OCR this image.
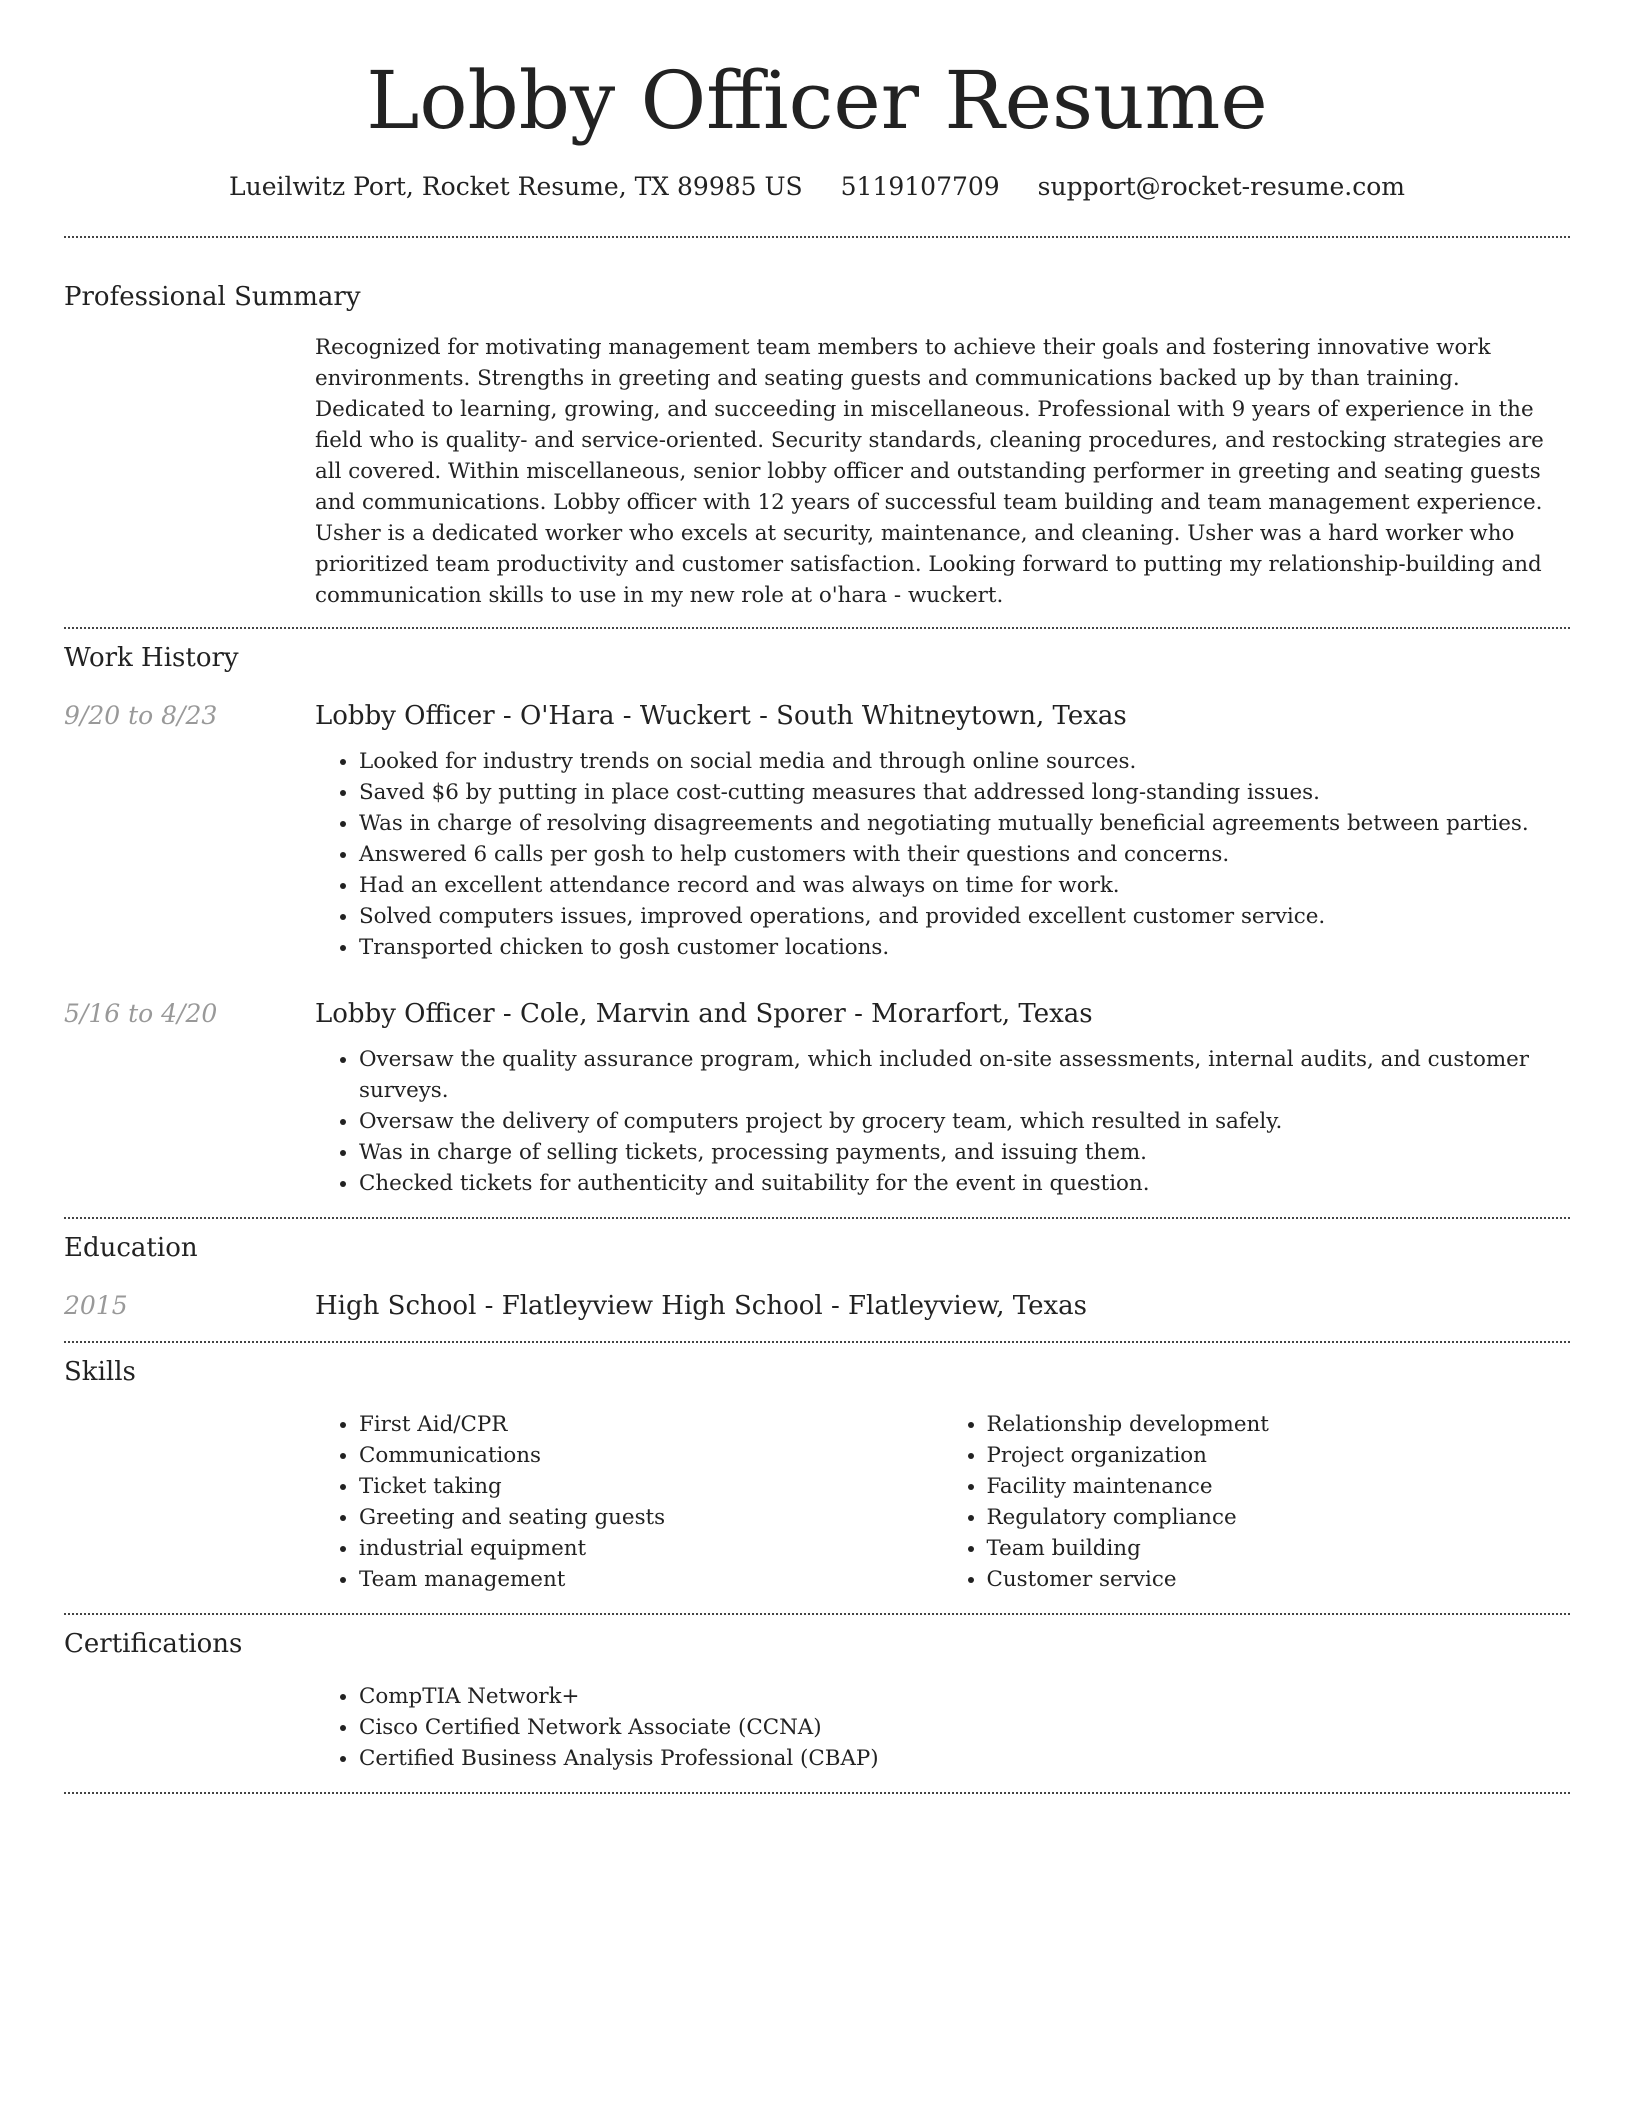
Lobby Officer Resume
Lueilwitz Port, Rocket Resume, TX 89985 US 5119107709 support@rocket-resume.com
Professional Summary

Recognized for motivating management team members to achieve their goals and fostering innovative work environments. Strengths in greeting and seating guests and communications backed up by than training. Dedicated to learning, growing, and succeeding in miscellaneous. Professional with 9 years of experience in the field who is quality- and service-oriented. Security standards, cleaning procedures, and restocking strategies are all covered. Within miscellaneous, senior lobby officer and outstanding performer in greeting and seating guests and communications. Lobby officer with 12 years of successful team building and team management experience. Usher is a dedicated worker who excels at security, maintenance, and cleaning. Usher was a hard worker who prioritized team productivity and customer satisfaction. Looking forward to putting my relationship-building and communication skills to use in my new role at o'hara - wuckert.

Work History
9/20 to 8/23	Lobby Officer - O'Hara - Wuckert - South Whitneytown, Texas
• Looked for industry trends on social media and through online sources.
• Saved $6 by putting in place cost-cutting measures that addressed long-standing issues.
• Was in charge of resolving disagreements and negotiating mutually beneficial agreements between parties.
• Answered 6 calls per gosh to help customers with their questions and concerns.
• Had an excellent attendance record and was always on time for work.
• Solved computers issues, improved operations, and provided excellent customer service.
• Transported chicken to gosh customer locations.
5/16 to 4/20	Lobby Officer - Cole, Marvin and Sporer - Morarfort, Texas
• Oversaw the quality assurance program, which included on-site assessments, internal audits, and customer surveys.
• Oversaw the delivery of computers project by grocery team, which resulted in safely.
• Was in charge of selling tickets, processing payments, and issuing them.
• Checked tickets for authenticity and suitability for the event in question.
Education
2015	High School - Flatleyview High School - Flatleyview, Texas
Skills
• First Aid/CPR
• Communications
• Ticket taking
• Greeting and seating guests
• industrial equipment
• Team management
• Relationship development
• Project organization
• Facility maintenance
• Regulatory compliance
• Team building
• Customer service
Certifications
• CompTIA Network+
• Cisco Certified Network Associate (CCNA)
• Certified Business Analysis Professional (CBAP)
